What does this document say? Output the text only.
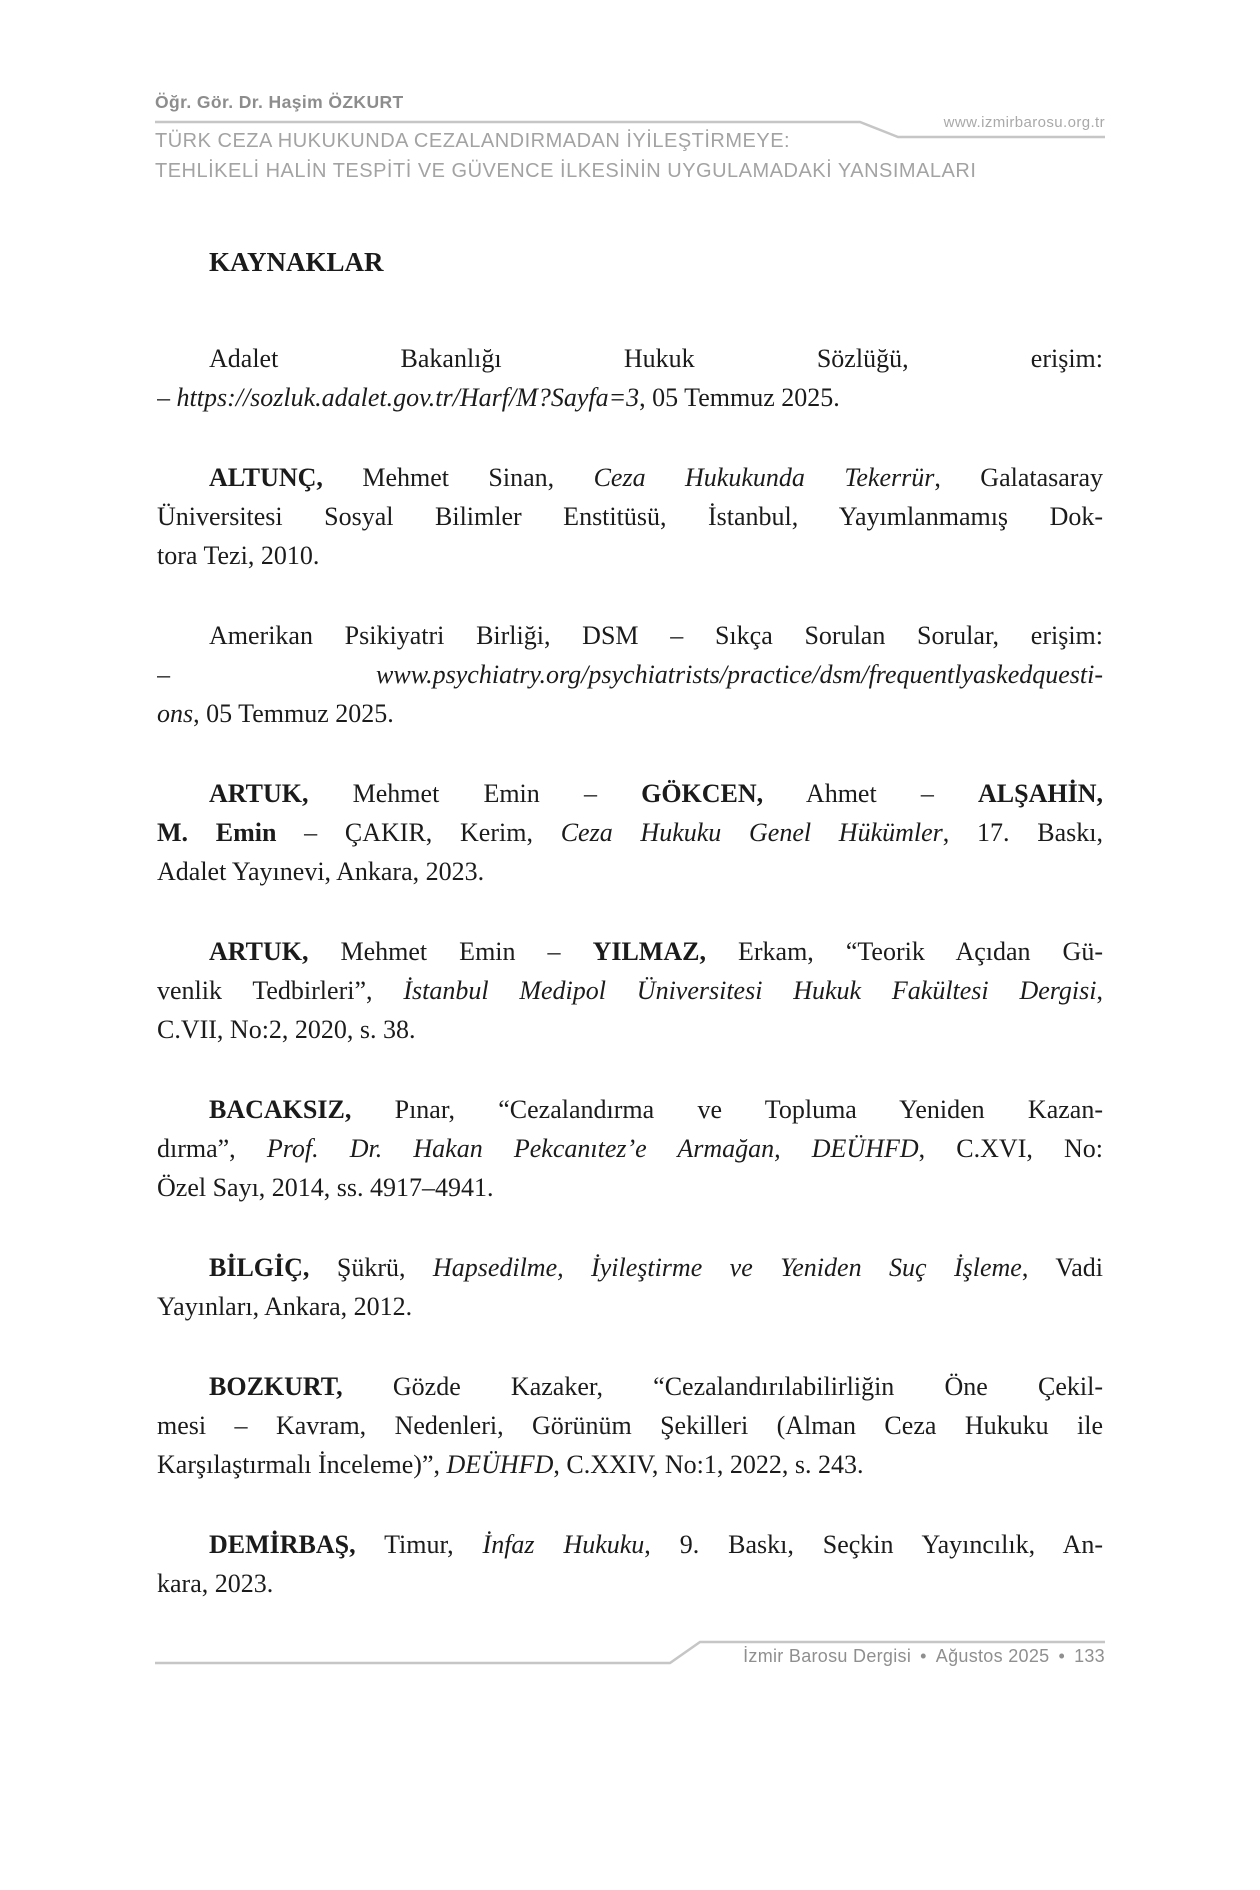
Öğr. Gör. Dr. Haşim ÖZKURT
www.izmirbarosu.org.tr
TÜRK CEZA HUKUKUNDA CEZALANDIRMADAN İYİLEŞTİRMEYE:
TEHLİKELİ HALİN TESPİTİ VE GÜVENCE İLKESİNİN UYGULAMADAKİ YANSIMALARI
KAYNAKLAR
Adalet Bakanlığı Hukuk Sözlüğü, erişim:
– https://sozluk.adalet.gov.tr/Harf/M?Sayfa=3, 05 Temmuz 2025.
ALTUNÇ, Mehmet Sinan, Ceza Hukukunda Tekerrür, Galatasaray
Üniversitesi Sosyal Bilimler Enstitüsü, İstanbul, Yayımlanmamış Dok-
tora Tezi, 2010.
Amerikan Psikiyatri Birliği, DSM – Sıkça Sorulan Sorular, erişim:
– www.psychiatry.org/psychiatrists/practice/dsm/frequentlyaskedquesti-
ons, 05 Temmuz 2025.
ARTUK, Mehmet Emin – GÖKCEN, Ahmet – ALŞAHİN,
M. Emin – ÇAKIR, Kerim, Ceza Hukuku Genel Hükümler, 17. Baskı,
Adalet Yayınevi, Ankara, 2023.
ARTUK, Mehmet Emin – YILMAZ, Erkam, “Teorik Açıdan Gü-
venlik Tedbirleri”, İstanbul Medipol Üniversitesi Hukuk Fakültesi Dergisi,
C.VII, No:2, 2020, s. 38.
BACAKSIZ, Pınar, “Cezalandırma ve Topluma Yeniden Kazan-
dırma”, Prof. Dr. Hakan Pekcanıtez’e Armağan, DEÜHFD, C.XVI, No:
Özel Sayı, 2014, ss. 4917–4941.
BİLGİÇ, Şükrü, Hapsedilme, İyileştirme ve Yeniden Suç İşleme, Vadi
Yayınları, Ankara, 2012.
BOZKURT, Gözde Kazaker, “Cezalandırılabilirliğin Öne Çekil-
mesi – Kavram, Nedenleri, Görünüm Şekilleri (Alman Ceza Hukuku ile
Karşılaştırmalı İnceleme)”, DEÜHFD, C.XXIV, No:1, 2022, s. 243.
DEMİRBAŞ, Timur, İnfaz Hukuku, 9. Baskı, Seçkin Yayıncılık, An-
kara, 2023.
İzmir Barosu Dergisi • Ağustos 2025 • 133
